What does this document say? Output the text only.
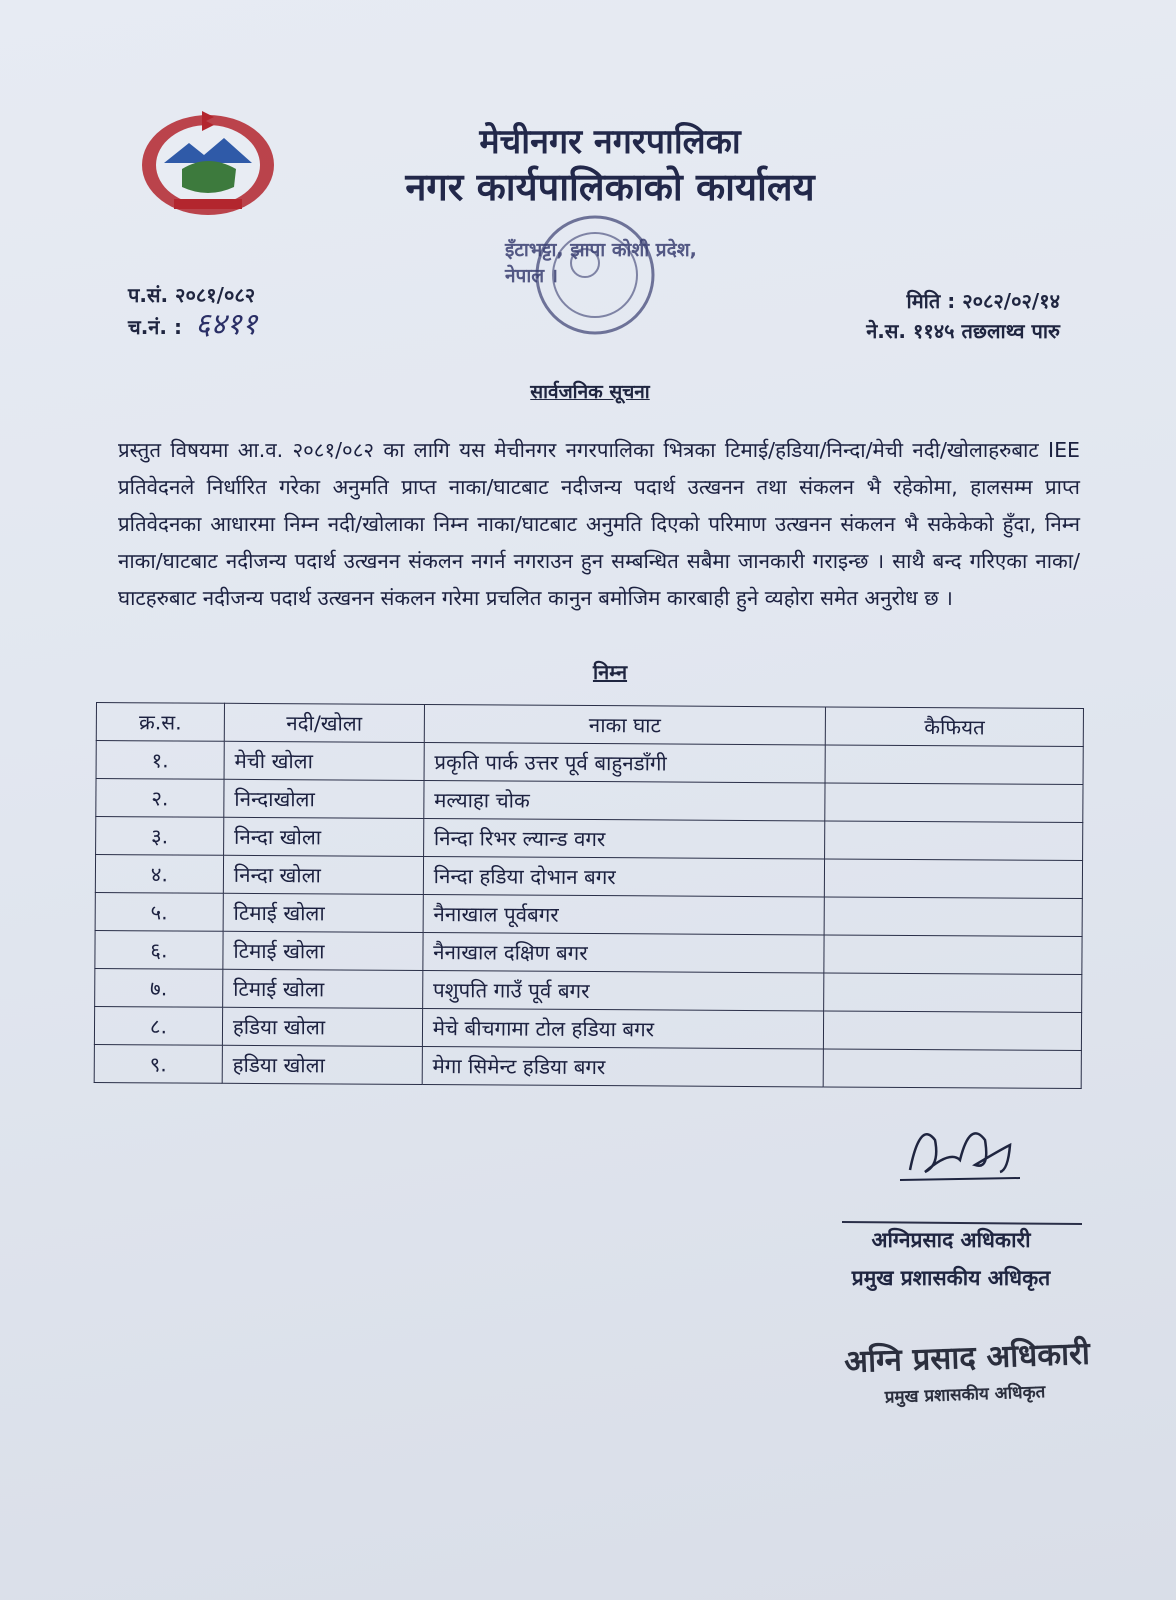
मेचीनगर नगरपालिका
नगर कार्यपालिकाको कार्यालय
इँटाभट्टा, झापा कोशी प्रदेश, नेपाल ।
प.सं. २०८१/०८२
च.नं. : ६४११
मिति : २०८२/०२/१४
ने.स. ११४५ तछलाथ्व पारु
सार्वजनिक सूचना
प्रस्तुत विषयमा आ.व. २०८१/०८२ का लागि यस मेचीनगर नगरपालिका भित्रका टिमाई/हडिया/निन्दा/मेची नदी/खोलाहरुबाट IEE प्रतिवेदनले निर्धारित गरेका अनुमति प्राप्त नाका/घाटबाट नदीजन्य पदार्थ उत्खनन तथा संकलन भै रहेकोमा, हालसम्म प्राप्त प्रतिवेदनका आधारमा निम्न नदी/खोलाका निम्न नाका/घाटबाट अनुमति दिएको परिमाण उत्खनन संकलन भै सकेकेको हुँदा, निम्न नाका/घाटबाट नदीजन्य पदार्थ उत्खनन संकलन नगर्न नगराउन हुन सम्बन्धित सबैमा जानकारी गराइन्छ । साथै बन्द गरिएका नाका/घाटहरुबाट नदीजन्य पदार्थ उत्खनन संकलन गरेमा प्रचलित कानुन बमोजिम कारबाही हुने व्यहोरा समेत अनुरोध छ ।
निम्न
क्र.स.	नदी/खोला	नाका घाट	कैफियत
१.	मेची खोला	प्रकृति पार्क उत्तर पूर्व बाहुनडाँगी	
२.	निन्दाखोला	मल्याहा चोक	
३.	निन्दा खोला	निन्दा रिभर ल्यान्ड वगर	
४.	निन्दा खोला	निन्दा हडिया दोभान बगर	
५.	टिमाई खोला	नैनाखाल पूर्वबगर	
६.	टिमाई खोला	नैनाखाल दक्षिण बगर	
७.	टिमाई खोला	पशुपति गाउँ पूर्व बगर	
८.	हडिया खोला	मेचे बीचगामा टोल हडिया बगर	
९.	हडिया खोला	मेगा सिमेन्ट हडिया बगर	
अग्निप्रसाद अधिकारी
प्रमुख प्रशासकीय अधिकृत
अग्नि प्रसाद अधिकारी
प्रमुख प्रशासकीय अधिकृत
